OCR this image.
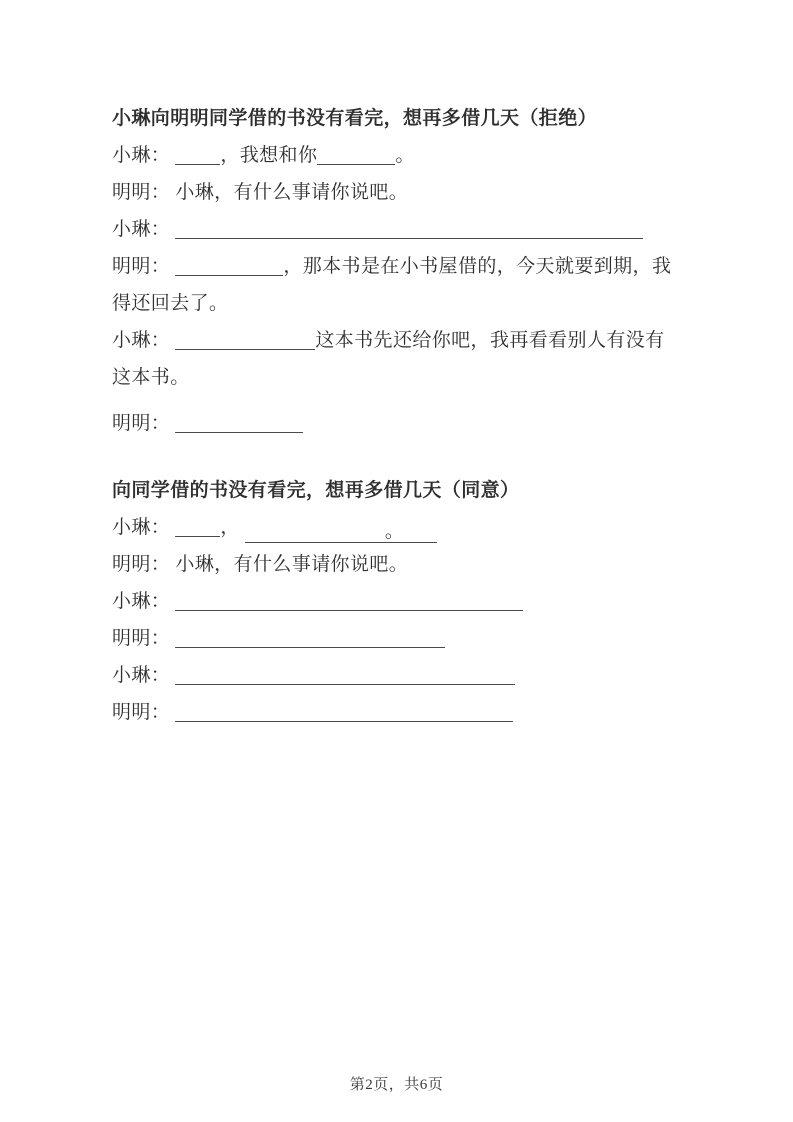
小琳向明明同学借的书没有看完，想再多借几天（拒绝）

小琳： ，我想和你	。

明明： 小琳，有什么事请你说吧。

小琳：

明明：	，那本书是在小书屋借的，今天就要到期，我

得还回去了。

小琳：	这本书先还给你吧，我再看看别人有没有

这本书。

明明：

向同学借的书没有看完，想再多借几天（同意）

小琳： ，	。

明明： 小琳，有什么事请你说吧。

小琳：

明明：

小琳：

明明：

第2页，共6页
